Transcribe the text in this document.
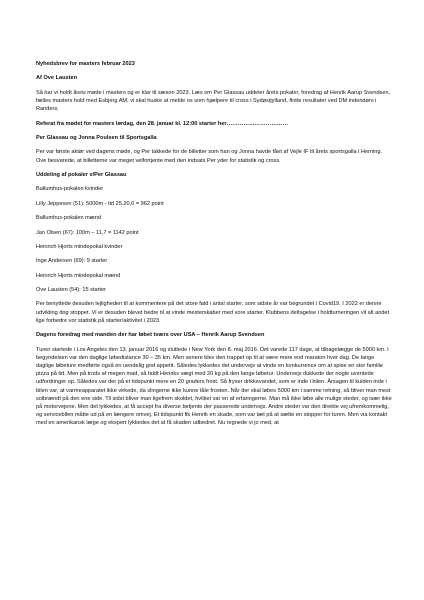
Nyhedsbrev for masters februar 2023

Af Ove Lausten

Så har vi holdt årets møde i masters og er klar til sæson 2023. Læs om Per Glassau uddeler årets pokaler, foredrag af Henrik Aarup Svendsen, fælles masters hold med Esbjerg AM, vi skal huske at melde os som hjælpere til cross i Sydøstjylland, flotte resultater ved DM indendørs i Randers,

Referat fra mødet for masters lørdag, den 28. januar kl. 12:00 starter her……………………………

Per Glassau og Jonna Poulsen til Sportsgalla

Per var første aktør ved dagens møde, og Per takkede for de billetter som han og Jonna havde fået af Vejle IF til årets sportsgalla i Herning. Ove besvarede, at billetterne var meget velfortjente med den indsats Per yder for statistik og cross.

Uddeling af pokaler v/Per Glassau

Ballumhus-pokalen kvinder

Lilly Jeppesen (51): 5000m - tid 25.20,6 = 962 point

Ballumhus-pokalen mænd

Jan Olsen (67): 100m – 11,7 = 1142 point

Heinrich Hjorts mindepokal kvinder

Inge Andersen (69): 9 starter

Heinrich Hjorts mindepokal mænd

Ove Lausten (54): 15 starter

Per benyttede desuden lejligheden til at kommentere på det store fald i antal starter, som sidste år var begrundet i Covid19. I 2022 er denne udvikling dog stoppet. Vi er desuden blevet bedre til at vinde mesterskaber med vore starter. Klubbens deltagelse i holdturneringen vil alt andet lige forbedre vor statistik på starter/aktivitet i 2023.

Dagens foredrag med manden der har løbet tværs over USA – Henrik Aarup Svendsen

Turen startede i Los Angeles den 13. januar 2016 og sluttede i New York den 8. maj 2016. Det varede 117 dage, at tilbagelægge de 5000 km. I begyndelsen var den daglige løbedistance 30 – 35 km. Men senere blev den trappet op til at være mere end maraton hver dag. De lange daglige løbeture medførte også en uendelig god appetit. Således lykkedes det undervejs at vinde en konkurrence om at spise en stor familie pizza på tid. Men på trods af megen mad, så faldt Henriks vægt med 20 kg på den lange løbetur. Undervejs dukkede der nogle uventede udfordringer op. Således var der på et tidspunkt mere en 20 graders frost. Så fryser drikkevandet, som er inde i bilen. Årsagen til kulden inde i bilen var, at varmeapparatet ikke virkede, da slingerne ikke kunne tåle frosten. Når der skal løbes 5000 km i samme retning, så bliver man mest solbrændt på den ene side. Til sidst bliver man ligefrem skoldet, hvilket var en af erfaringerne. Man må ikke løbe alle mulige steder, og især ikke på motorvejene. Men det lykkedes, at få accept fra diverse betjente der passerede undervejs. Andre steder var den direkte vej ufremkommelig, og servicebilen måtte ud på en længere omvej. Et tidspunkt fik Henrik en skade, som var tæt på at sætte en stopper for turen. Men via kontakt med en amerikansk læge og ekspert lykkedes det at få skaden udbedret. Nu regnede vi jo med, at
